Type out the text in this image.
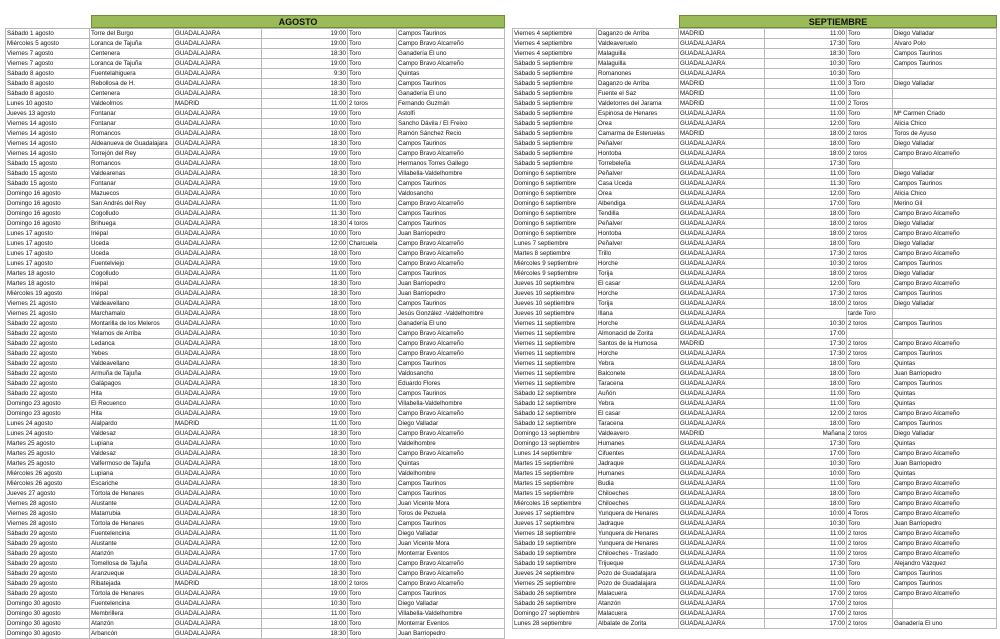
AGOSTO
Sábado 1 agosto	Torre del Burgo	GUADALAJARA	19:00	Toro	Campos Taurinos
Miércoles 5 agosto	Loranca de Tajuña	GUADALAJARA	19:00	Toro	Campo Bravo Alcarreño
Viernes 7 agosto	Centenera	GUADALAJARA	18:30	Toro	Ganadería El uno
Viernes 7 agosto	Loranca de Tajuña	GUADALAJARA	19:00	Toro	Campo Bravo Alcarreño
Sábado 8 agosto	Fuentelahiguera	GUADALAJARA	9:30	Toro	Quintas
Sábado 8 agosto	Rebollosa de H.	GUADALAJARA	18:30	Toro	Campos Taurinos
Sábado 8 agosto	Centenera	GUADALAJARA	18:30	Toro	Ganadería El uno
Lunes 10 agosto	Valdeolmos	MADRID	11:00	2 toros	Fernando Guzmán
Jueves 13 agosto	Fontanar	GUADALAJARA	19:00	Toro	Astolfi
Viernes 14 agosto	Fontanar	GUADALAJARA	10:00	Toro	Sancho Dávila / El Freixo
Viernes 14 agosto	Romancos	GUADALAJARA	18:00	Toro	Ramón Sánchez Recio
Viernes 14 agosto	Aldeanueva de Guadalajara	GUADALAJARA	18:30	Toro	Campos Taurinos
Viernes 14 agosto	Torrejón del Rey	GUADALAJARA	19:00	Toro	Campo Bravo Alcarreño
Sábado 15 agosto	Romancos	GUADALAJARA	18:00	Toro	Hermanos Torres Gallego
Sábado 15 agosto	Valdearenas	GUADALAJARA	18:30	Toro	Villabella-Valdelhombre
Sábado 15 agosto	Fontanar	GUADALAJARA	19:00	Toro	Campos Taurinos
Domingo 16 agosto	Mazuecos	GUADALAJARA	10:00	Toro	Valdosancho
Domingo 16 agosto	San Andrés del Rey	GUADALAJARA	11:00	Toro	Campo Bravo Alcarreño
Domingo 16 agosto	Cogolludo	GUADALAJARA	11:30	Toro	Campos Taurinos
Domingo 16 agosto	Brihuega	GUADALAJARA	18:30	4 toros	Campos Taurinos
Lunes 17 agosto	Iriépal	GUADALAJARA	10:00	Toro	Juan Barriopedro
Lunes 17 agosto	Uceda	GUADALAJARA	12:00	Charcuela	Campo Bravo Alcarreño
Lunes 17 agosto	Uceda	GUADALAJARA	18:00	Toro	Campo Bravo Alcarreño
Lunes 17 agosto	Fuentelviejo	GUADALAJARA	19:00	Toro	Campo Bravo Alcarreño
Martes 18 agosto	Cogolludo	GUADALAJARA	11:00	Toro	Campos Taurinos
Martes 18 agosto	Iriépal	GUADALAJARA	18:30	Toro	Juan Barriopedro
Miércoles 19 agosto	Iriépal	GUADALAJARA	18:30	Toro	Juan Barriopedro
Viernes 21 agosto	Valdeavellano	GUADALAJARA	18:00	Toro	Campos Taurinos
Viernes 21 agosto	Marchamalo	GUADALAJARA	18:00	Toro	Jesús González -Valdelhombre
Sábado 22 agosto	Montarilla de los Meleros	GUADALAJARA	10:00	Toro	Ganadería El uno
Sábado 22 agosto	Yelamos de Arriba	GUADALAJARA	10:30	Toro	Campo Bravo Alcarreño
Sábado 22 agosto	Ledanca	GUADALAJARA	18:00	Toro	Campo Bravo Alcarreño
Sábado 22 agosto	Yebes	GUADALAJARA	18:00	Toro	Campo Bravo Alcarreño
Sábado 22 agosto	Valdeavellano	GUADALAJARA	18:30	Toro	Campos Taurinos
Sábado 22 agosto	Armuña de Tajuña	GUADALAJARA	19:00	Toro	Valdosancho
Sábado 22 agosto	Galápagos	GUADALAJARA	18:30	Toro	Eduardo Flores
Sábado 22 agosto	Hita	GUADALAJARA	19:00	Toro	Campos Taurinos
Domingo 23 agosto	El Recuenco	GUADALAJARA	10:00	Toro	Villabella-Valdelhombre
Domingo 23 agosto	Hita	GUADALAJARA	19:00	Toro	Campo Bravo Alcarreño
Lunes 24 agosto	Alalpardo	MADRID	11:00	Toro	Diego Valladar
Lunes 24 agosto	Valdesaz	GUADALAJARA	18:30	Toro	Campo Bravo Alcarreño
Martes 25 agosto	Lupiana	GUADALAJARA	10:00	Toro	Valdelhombre
Martes 25 agosto	Valdesaz	GUADALAJARA	18:30	Toro	Campo Bravo Alcarreño
Martes 25 agosto	Valfermoso de Tajuña	GUADALAJARA	18:00	Toro	Quintas
Miércoles 26 agosto	Lupiana	GUADALAJARA	10:00	Toro	Valdelhombre
Miércoles 26 agosto	Escariche	GUADALAJARA	18:30	Toro	Campos Taurinos
Jueves 27 agosto	Tórtola de Henares	GUADALAJARA	10:00	Toro	Campos Taurinos
Viernes 28 agosto	Alustante	GUADALAJARA	12:00	Toro	Juan Vicente Mora
Viernes 28 agosto	Matarrubia	GUADALAJARA	18:30	Toro	Toros de Pezuela
Viernes 28 agosto	Tórtola de Henares	GUADALAJARA	19:00	Toro	Campos Taurinos
Sábado 29 agosto	Fuentelencina	GUADALAJARA	11:00	Toro	Diego Valladar
Sábado 29 agosto	Alustante	GUADALAJARA	12:00	Toro	Juan Vicente Mora
Sábado 29 agosto	Atanzón	GUADALAJARA	17:00	Toro	Monterrar Eventos
Sábado 29 agosto	Tomellosa de Tajuña	GUADALAJARA	18:00	Toro	Campo Bravo Alcarreño
Sábado 29 agosto	Aranzueque	GUADALAJARA	18:30	Toro	Campo Bravo Alcarreño
Sábado 29 agosto	Ribatejada	MADRID	18:00	2 toros	Campo Bravo Alcarreño
Sábado 29 agosto	Tórtola de Henares	GUADALAJARA	19:00	Toro	Campos Taurinos
Domingo 30 agosto	Fuentelencina	GUADALAJARA	10:30	Toro	Diego Valladar
Domingo 30 agosto	Membrillera	GUADALAJARA	11:00	Toro	Villabella-Valdelhombre
Domingo 30 agosto	Atanzón	GUADALAJARA	18:00	Toro	Monterrar Eventos
Domingo 30 agosto	Arbancón	GUADALAJARA	18:30	Toro	Juan Barriopedro
SEPTIEMBRE
Viernes 4 septiembre	Daganzo de Arriba	MADRID	11:00	Toro	Diego Valladar
Viernes 4 septiembre	Valdeaveruelo	GUADALAJARA	17:30	Toro	Alvaro Polo
Viernes 4 septiembre	Malaguilla	GUADALAJARA	18:30	Toro	Campos Taurinos
Sábado 5 septiembre	Malaguilla	GUADALAJARA	10:30	Toro	Campos Taurinos
Sábado 5 septiembre	Romanones	GUADALAJARA	10:30	Toro	
Sábado 5 septiembre	Daganzo de Arriba	MADRID	11:00	3 Toro	Diego Valladar
Sábado 5 septiembre	Fuente el Saz	MADRID	11:00	Toro	
Sábado 5 septiembre	Valdetorres del Jarama	MADRID	11:00	2 Toros	
Sábado 5 septiembre	Espinosa de Henares	GUADALAJARA	11:00	Toro	Mª Carmen Criado
Sábado 5 septiembre	Orea	GUADALAJARA	12:00	Toro	Alicia Chico
Sábado 5 septiembre	Camarma de Esteruelas	MADRID	18:00	2 toros	Toros de Ayuso
Sábado 5 septiembre	Peñalver	GUADALAJARA	18:00	Toro	Diego Valladar
Sábado 5 septiembre	Hontoba	GUADALAJARA	18:00	2 toros	Campo Bravo Alcarreño
Sábado 5 septiembre	Torrebeleña	GUADALAJARA	17:30	Toro	
Domingo 6 septiembre	Peñalver	GUADALAJARA	11:00	Toro	Diego Valladar
Domingo 6 septiembre	Casa Uceda	GUADALAJARA	11:30	Toro	Campos Taurinos
Domingo 6 septiembre	Orea	GUADALAJARA	12:00	Toro	Alicia Chico
Domingo 6 septiembre	Albendiga	GUADALAJARA	17:00	Toro	Merino Gil
Domingo 6 septiembre	Tendilla	GUADALAJARA	18:00	Toro	Campo Bravo Alcarreño
Domingo 6 septiembre	Peñalver	GUADALAJARA	18:00	2 toros	Diego Valladar
Domingo 6 septiembre	Hontoba	GUADALAJARA	18:00	2 toros	Campo Bravo Alcarreño
Lunes 7 septiembre	Peñalver	GUADALAJARA	18:00	Toro	Diego Valladar
Martes 8 septiembre	Trillo	GUADALAJARA	17:30	2 toros	Campo Bravo Alcarreño
Miércoles 9 septiembre	Horche	GUADALAJARA	10:30	2 toros	Campos Taurinos
Miércoles 9 septiembre	Torija	GUADALAJARA	18:00	2 toros	Diego Valladar
Jueves 10 septiembre	El casar	GUADALAJARA	12:00	Toro	Campo Bravo Alcarreño
Jueves 10 septiembre	Horche	GUADALAJARA	17:30	2 toros	Campos Taurinos
Jueves 10 septiembre	Torija	GUADALAJARA	18:00	2 toros	Diego Valladar
Jueves 10 septiembre	Illana	GUADALAJARA		tarde Toro	
Viernes 11 septiembre	Horche	GUADALAJARA	10:30	2 toros	Campos Taurinos
Viernes 11 septiembre	Almonacid de Zorita	GUADALAJARA	17:00		
Viernes 11 septiembre	Santos de la Humosa	MADRID	17:30	2 toros	Campo Bravo Alcarreño
Viernes 11 septiembre	Horche	GUADALAJARA	17:30	2 toros	Campos Taurinos
Viernes 11 septiembre	Yebra	GUADALAJARA	18:00	Toro	Quintas
Viernes 11 septiembre	Balconete	GUADALAJARA	18:00	Toro	Juan Barriopedro
Viernes 11 septiembre	Taracena	GUADALAJARA	18:00	Toro	Campos Taurinos
Sábado 12 septiembre	Auñón	GUADALAJARA	11:00	Toro	Quintas
Sábado 12 septiembre	Yebra	GUADALAJARA	11:00	Toro	Quintas
Sábado 12 septiembre	El casar	GUADALAJARA	12:00	2 toros	Campo Bravo Alcarreño
Sábado 12 septiembre	Taracena	GUADALAJARA	18:00	Toro	Campos Taurinos
Domingo 13 septiembre	Valdeavero	MADRID	Mañana	2 toros	Diego Valladar
Domingo 13 septiembre	Humanes	GUADALAJARA	17:30	Toro	Quintas
Lunes 14 septiembre	Cifuentes	GUADALAJARA	17:00	Toro	Campo Bravo Alcarreño
Martes 15 septiembre	Jadraque	GUADALAJARA	10:30	Toro	Juan Barriopedro
Martes 15 septiembre	Humanes	GUADALAJARA	10:00	Toro	Quintas
Martes 15 septiembre	Budia	GUADALAJARA	11:00	Toro	Campo Bravo Alcarreño
Martes 15 septiembre	Chiloeches	GUADALAJARA	18:00	Toro	Campo Bravo Alcarreño
Miércoles 16 septiembre	Chiloeches	GUADALAJARA	18:00	Toro	Campo Bravo Alcarreño
Jueves 17 septiembre	Yunquera de Henares	GUADALAJARA	10:00	4 Toros	Campo Bravo Alcarreño
Jueves 17 septiembre	Jadraque	GUADALAJARA	10:30	Toro	Juan Barriopedro
Viernes 18 septiembre	Yunquera de Henares	GUADALAJARA	11:00	2 toros	Campo Bravo Alcarreño
Sábado 19 septiembre	Yunquera de Henares	GUADALAJARA	11:00	2 toros	Campo Bravo Alcarreño
Sábado 19 septiembre	Chiloeches - Traslado	GUADALAJARA	11:00	2 toros	Campo Bravo Alcarreño
Sábado 19 septiembre	Trijueque	GUADALAJARA	17:30	Toro	Alejandro Vázquez
Jueves 24 septiembre	Pozo de Guadalajara	GUADALAJARA	11:00	Toro	Campos Taurinos
Viernes 25 septiembre	Pozo de Guadalajara	GUADALAJARA	11:00	Toro	Campos Taurinos
Sábado 26 septiembre	Malacuera	GUADALAJARA	17:00	2 toros	Campo Bravo Alcarreño
Sábado 26 septiembre	Atanzón	GUADALAJARA	17:00	2 toros	
Domingo 27 septiembre	Malacuera	GUADALAJARA	17:00	2 toros	
Lunes 28 septiembre	Albalate de Zorita	GUADALAJARA	17:00	2 toros	Ganadería El uno
